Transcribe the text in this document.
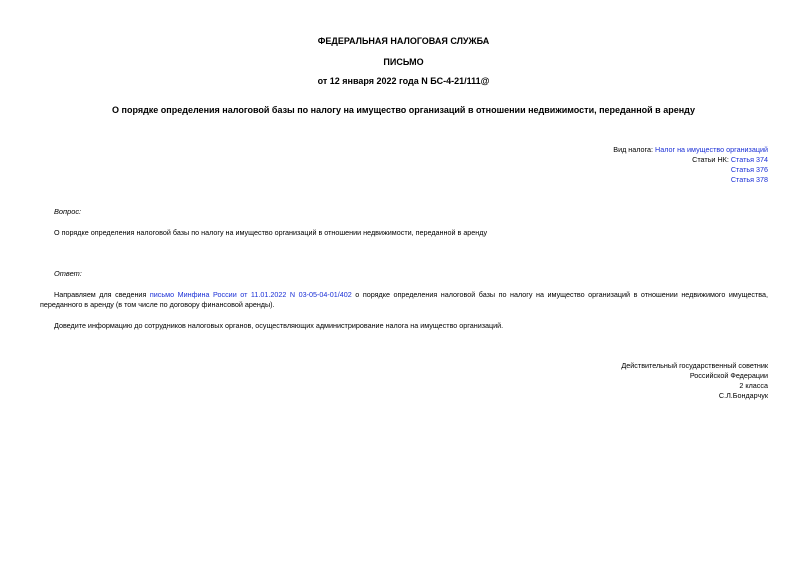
ФЕДЕРАЛЬНАЯ НАЛОГОВАЯ СЛУЖБА
ПИСЬМО
от 12 января 2022 года N БС-4-21/111@
О порядке определения налоговой базы по налогу на имущество организаций в отношении недвижимости, переданной в аренду
Вид налога: Налог на имущество организаций
Статьи НК: Статья 374
Статья 376
Статья 378
Вопрос:
О порядке определения налоговой базы по налогу на имущество организаций в отношении недвижимости, переданной в аренду
Ответ:
Направляем для сведения письмо Минфина России от 11.01.2022 N 03-05-04-01/402 о порядке определения налоговой базы по налогу на имущество организаций в отношении недвижимого имущества, переданного в аренду (в том числе по договору финансовой аренды).
Доведите информацию до сотрудников налоговых органов, осуществляющих администрирование налога на имущество организаций.
Действительный государственный советник
Российской Федерации
2 класса
С.Л.Бондарчук
